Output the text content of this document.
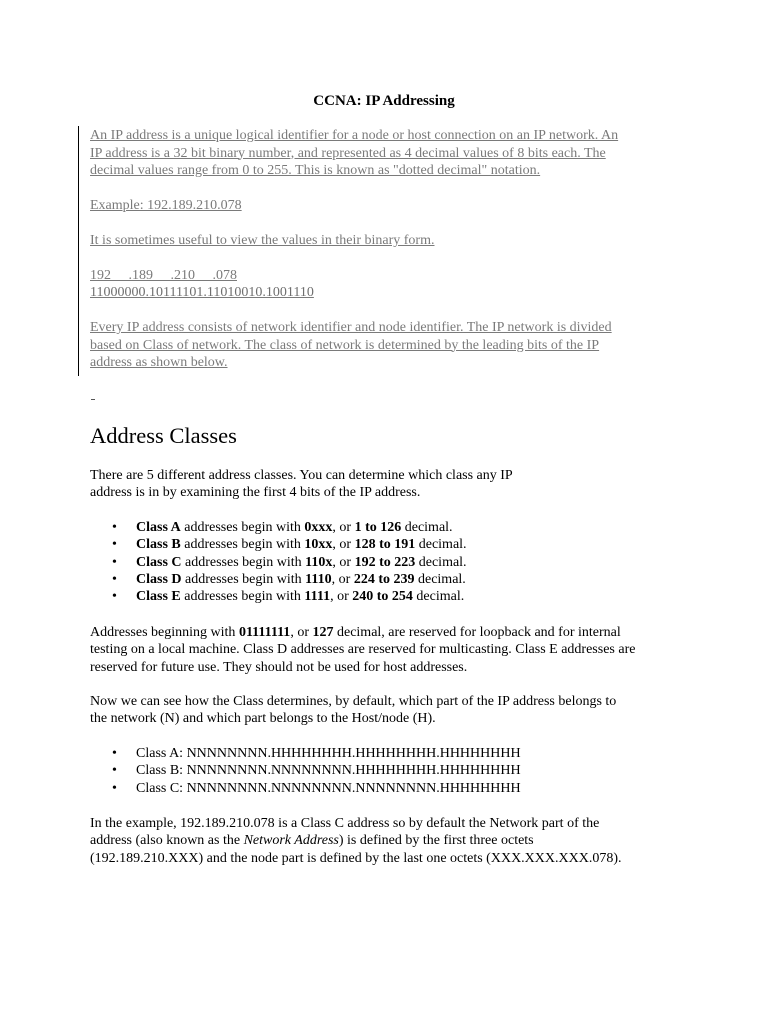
CCNA: IP Addressing

An IP address is a unique logical identifier for a node or host connection on an IP network. An

IP address is a 32 bit binary number, and represented as 4 decimal values of 8 bits each. The

decimal values range from 0 to 255. This is known as "dotted decimal" notation.

Example: 192.189.210.078
It is sometimes useful to view the values in their binary form.
192     .189     .210     .078
11000000.10111101.11010010.1001110

Every IP address consists of network identifier and node identifier. The IP network is divided

based on Class of network. The class of network is determined by the leading bits of the IP

address as shown below.

Address Classes
There are 5 different address classes. You can determine which class any IP
address is in by examining the first 4 bits of the IP address.
• Class A addresses begin with 0xxx, or 1 to 126 decimal.
• Class B addresses begin with 10xx, or 128 to 191 decimal.
• Class C addresses begin with 110x, or 192 to 223 decimal.
• Class D addresses begin with 1110, or 224 to 239 decimal.
• Class E addresses begin with 1111, or 240 to 254 decimal.
Addresses beginning with 01111111, or 127 decimal, are reserved for loopback and for internal
testing on a local machine. Class D addresses are reserved for multicasting. Class E addresses are
reserved for future use. They should not be used for host addresses.
Now we can see how the Class determines, by default, which part of the IP address belongs to
the network (N) and which part belongs to the Host/node (H).
• Class A: NNNNNNNN.HHHHHHHH.HHHHHHHH.HHHHHHHH
• Class B: NNNNNNNN.NNNNNNNN.HHHHHHHH.HHHHHHHH
• Class C: NNNNNNNN.NNNNNNNN.NNNNNNNN.HHHHHHHH
In the example, 192.189.210.078 is a Class C address so by default the Network part of the
address (also known as the Network Address) is defined by the first three octets
(192.189.210.XXX) and the node part is defined by the last one octets (XXX.XXX.XXX.078).
